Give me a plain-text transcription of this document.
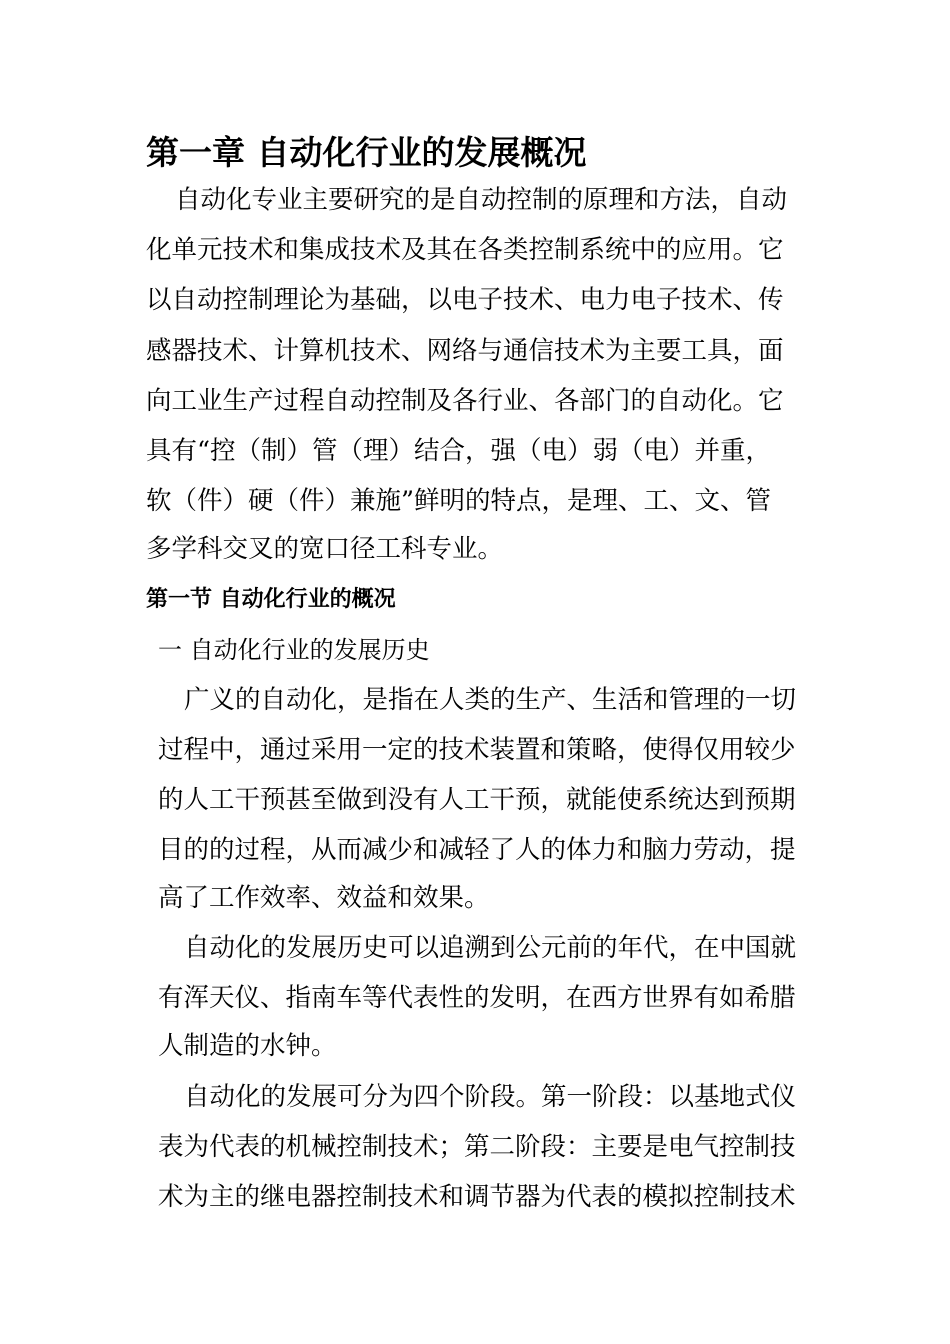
第一章 自动化行业的发展概况
自动化专业主要研究的是自动控制的原理和方法，自动
化单元技术和集成技术及其在各类控制系统中的应用。它
以自动控制理论为基础，以电子技术、电力电子技术、传
感器技术、计算机技术、网络与通信技术为主要工具，面
向工业生产过程自动控制及各行业、各部门的自动化。它
具有“控（制）管（理）结合，强（电）弱（电）并重，
软（件）硬（件）兼施”鲜明的特点，是理、工、文、管
多学科交叉的宽口径工科专业。
第一节 自动化行业的概况
一 自动化行业的发展历史
广义的自动化，是指在人类的生产、生活和管理的一切
过程中，通过采用一定的技术装置和策略，使得仅用较少
的人工干预甚至做到没有人工干预，就能使系统达到预期
目的的过程，从而减少和减轻了人的体力和脑力劳动，提
高了工作效率、效益和效果。
自动化的发展历史可以追溯到公元前的年代，在中国就
有浑天仪、指南车等代表性的发明，在西方世界有如希腊
人制造的水钟。
自动化的发展可分为四个阶段。第一阶段：以基地式仪
表为代表的机械控制技术；第二阶段：主要是电气控制技
术为主的继电器控制技术和调节器为代表的模拟控制技术
